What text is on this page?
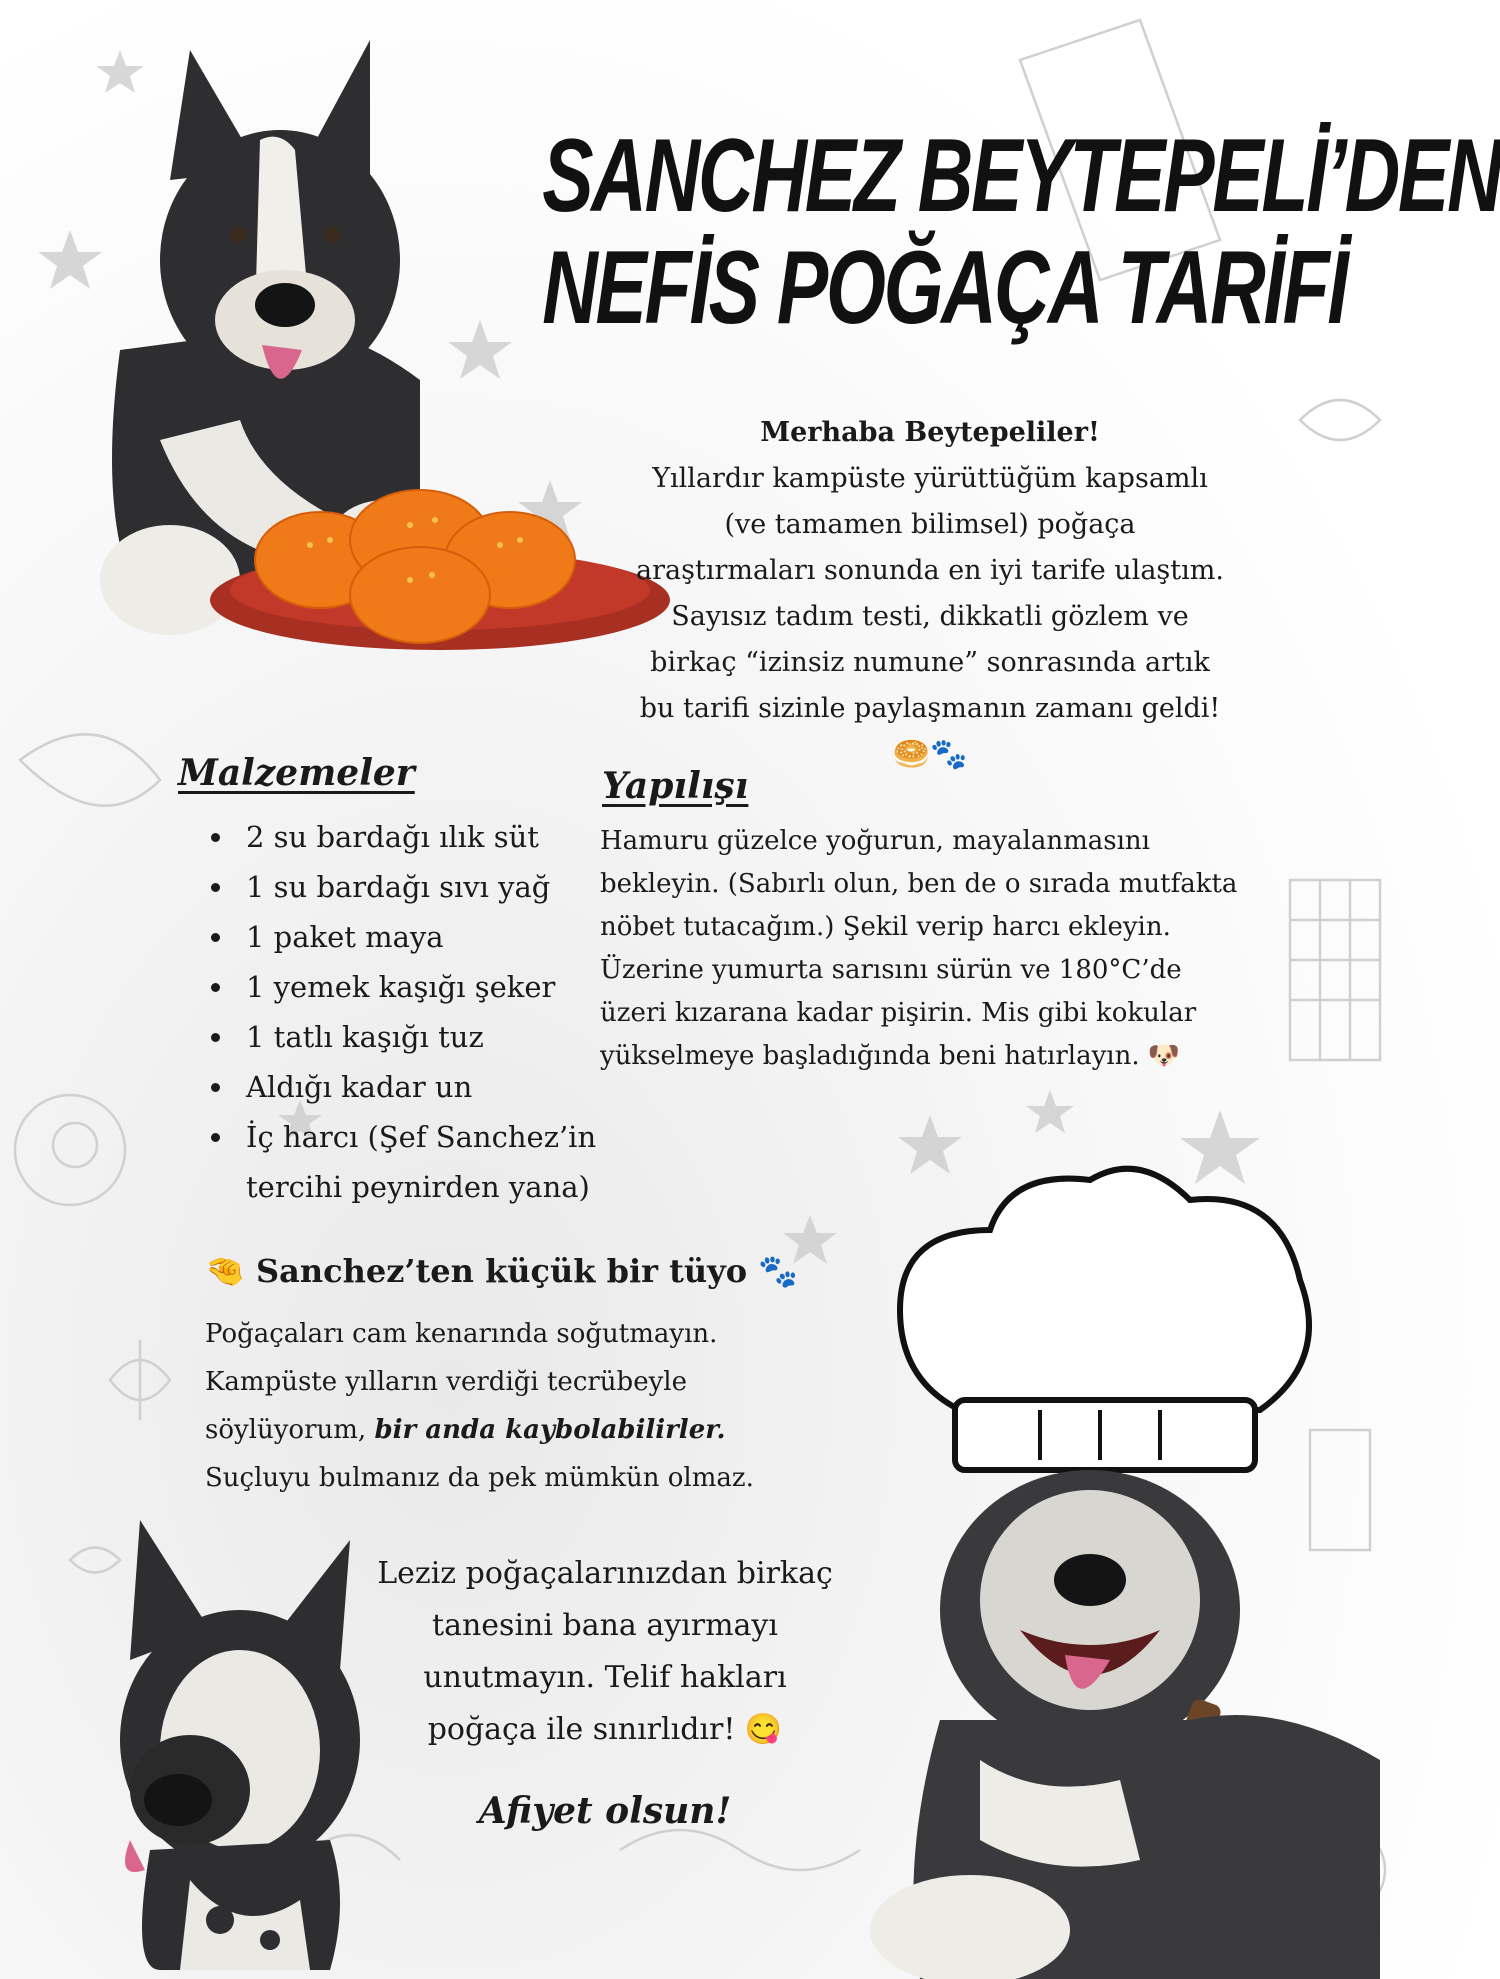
SANCHEZ BEYTEPELİ’DEN
NEFİS POĞAÇA TARİFİ
Merhaba Beytepeliler!
Yıllardır kampüste yürüttüğüm kapsamlı
(ve tamamen bilimsel) poğaça
araştırmaları sonunda en iyi tarife ulaştım.
Sayısız tadım testi, dikkatli gözlem ve
birkaç “izinsiz numune” sonrasında artık
bu tarifi sizinle paylaşmanın zamanı geldi!
🥯🐾
Malzemeler
• 2 su bardağı ılık süt
• 1 su bardağı sıvı yağ
• 1 paket maya
• 1 yemek kaşığı şeker
• 1 tatlı kaşığı tuz
• Aldığı kadar un
• İç harcı (Şef Sanchez’in tercihi peynirden yana)
Yapılışı
Hamuru güzelce yoğurun, mayalanmasını
bekleyin. (Sabırlı olun, ben de o sırada mutfakta
nöbet tutacağım.) Şekil verip harcı ekleyin.
Üzerine yumurta sarısını sürün ve 180°C’de
üzeri kızarana kadar pişirin. Mis gibi kokular
yükselmeye başladığında beni hatırlayın. 🐶
🤏 Sanchez’ten küçük bir tüyo 🐾
Poğaçaları cam kenarında soğutmayın.
Kampüste yılların verdiği tecrübeyle
söylüyorum, bir anda kaybolabilirler.
Suçluyu bulmanız da pek mümkün olmaz.
Leziz poğaçalarınızdan birkaç
tanesini bana ayırmayı
unutmayın. Telif hakları
poğaça ile sınırlıdır! 😋
Afiyet olsun!
